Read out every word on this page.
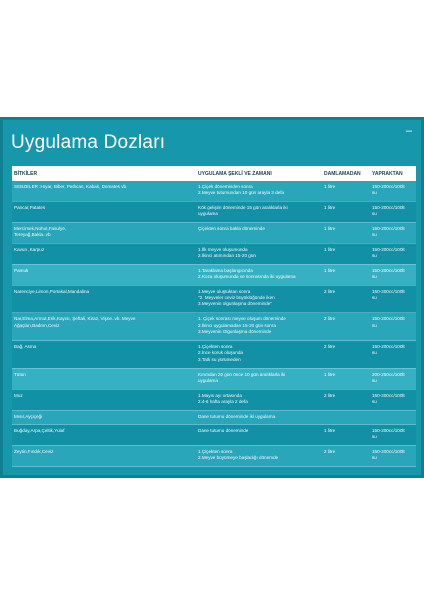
Uygulama Dozları
–
BİTKİLER	UYGULAMA ŞEKLİ VE ZAMANI	DAMLAMADAN	YAPRAKTAN

SEBZELER :Hıyar, Biber, Patlıcan, Kabak, Domates vb.	1.Çiçek döneminden sonra
2.Meyve tutumundan 10 gün arayla 3 defa	1 litre	150-200cc/100lt
su

Pancar,Patates	Kök gelişim döneminde 15 gün aralıklarla iki
uygulama	1 litre	150-200cc/100lt
su

Mercimek,Nohut,Fasulye,
Tereyağ,Bakla..vb	Çiçekten sonra bakla döneminde	1 litre	150-200cc/100lt
su

Kavun ,Karpuz	1.İlk meyve oluşumunda
2.İkinci atımından 15-20 gün	1 litre	150-200cc/100lt
su

Pamuk	1.Taraklama başlangıcında
2.Koza oluşumunda ve sonrasında iki uygulama	1 litre	150-200cc/100lt
su

Narenciye,Limon,Portakal,Mandalina	1.Meyve oluştuktan sonra
"2. Meyveler ceviz büyüklüğünde iken
3.Meyvenin olgunlaşma döneminde"	2 litre	150-200cc/100lt
su

Nar,Elma,Armut,Erik,Kayısı, Şeftali, Kiraz, Vişne..vb. Meyve
Ağaçları,Badem,Ceviz	1. Çiçek sonrası meyve oluşum döneminde
2.İkinci uygulamadan 15-20 gün sonra
3.Meyvenin Olgunlaşma döneminde	2 litre	150-200cc/100lt
su

Bağ, Asma	1.Çiçekten sonra
2.İnce koruk oluşunda
3.Tatlı su yürümeden	2 litre	150-200cc/100lt
su

Tütün	Kırımdan 20 gün önce 10 gün aralıklarla iki
uygulama	1 litre	200-250cc/100lt
su

Muz	1.Mayıs ayı ortasında
2.4-6 hafta arayla 2 defa	2 litre	150-200cc/100lt
su

Mısır,Ayçiçeği	Dane tutumu döneminde iki uygulama		

Buğday,Arpa,Çeltik,Yulaf	Dane tutumu döneminde	1 litre	150-200cc/100lt
su

Zeytin,Fındık,Ceviz	1.Çiçekten sonra
2.Meyve büyümeye başladığı dönemde	2 litre	150-200cc/100lt
su
